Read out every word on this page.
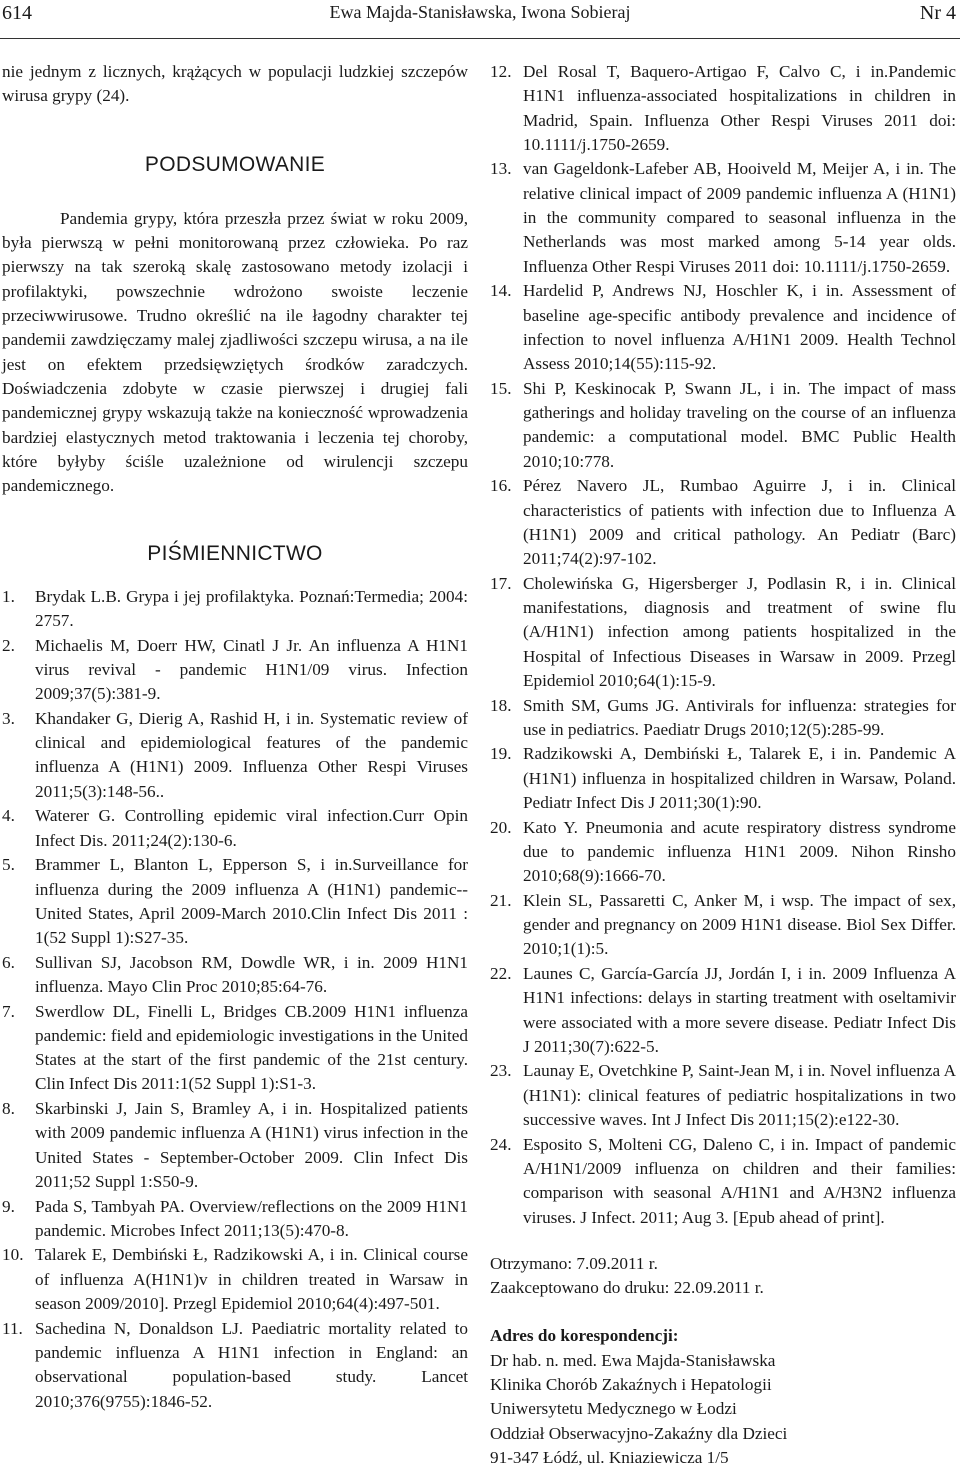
614	Ewa Majda-Stanisławska, Iwona Sobieraj	Nr 4

nie jednym z licznych, krążących w populacji ludzkiej szczepów wirusa grypy (24).

PODSUMOWANIE

Pandemia grypy, która przeszła przez świat w roku 2009, była pierwszą w pełni monitorowaną przez człowieka. Po raz pierwszy na tak szeroką skalę zastosowano metody izolacji i profilaktyki, powszechnie wdrożono swoiste leczenie przeciwwirusowe. Trudno określić na ile łagodny charakter tej pandemii zawdzięczamy malej zjadliwości szczepu wirusa, a na ile jest on efektem przedsięwziętych środków zaradczych. Doświadczenia zdobyte w czasie pierwszej i drugiej fali pandemicznej grypy wskazują także na konieczność wprowadzenia bardziej elastycznych metod traktowania i leczenia tej choroby, które byłyby ściśle uzależnione od wirulencji szczepu pandemicznego.

PIŚMIENNICTWO
1. Brydak L.B. Grypa i jej profilaktyka. Poznań:Termedia; 2004: 2757.
2. Michaelis M, Doerr HW, Cinatl J Jr. An influenza A H1N1 virus revival - pandemic H1N1/09 virus. Infection 2009;37(5):381-9.
3. Khandaker G, Dierig A, Rashid H, i in. Systematic review of clinical and epidemiological features of the pandemic influenza A (H1N1) 2009. Influenza Other Respi Viruses 2011;5(3):148-56..
4. Waterer G. Controlling epidemic viral infection.Curr Opin Infect Dis. 2011;24(2):130-6.
5. Brammer L, Blanton L, Epperson S, i in.Surveillance for influenza during the 2009 influenza A (H1N1) pandemic--United States, April 2009-March 2010.Clin Infect Dis 2011 : 1(52 Suppl 1):S27-35.
6. Sullivan SJ, Jacobson RM, Dowdle WR, i in. 2009 H1N1 influenza. Mayo Clin Proc 2010;85:64-76.
7. Swerdlow DL, Finelli L, Bridges CB.2009 H1N1 influenza pandemic: field and epidemiologic investigations in the United States at the start of the first pandemic of the 21st century. Clin Infect Dis 2011:1(52 Suppl 1):S1-3.
8. Skarbinski J, Jain S, Bramley A, i in. Hospitalized patients with 2009 pandemic influenza A (H1N1) virus infection in the United States - September-October 2009. Clin Infect Dis 2011;52 Suppl 1:S50-9.
9. Pada S, Tambyah PA. Overview/reflections on the 2009 H1N1 pandemic. Microbes Infect 2011;13(5):470-8.
10. Talarek E, Dembiński Ł, Radzikowski A, i in. Clinical course of influenza A(H1N1)v in children treated in Warsaw in season 2009/2010]. Przegl Epidemiol 2010;64(4):497-501.
11. Sachedina N, Donaldson LJ. Paediatric mortality related to pandemic influenza A H1N1 infection in England: an observational population-based study. Lancet 2010;376(9755):1846-52.
12. Del Rosal T, Baquero-Artigao F, Calvo C, i in.Pandemic H1N1 influenza-associated hospitalizations in children in Madrid, Spain. Influenza Other Respi Viruses 2011 doi: 10.1111/j.1750-2659.
13. van Gageldonk-Lafeber AB, Hooiveld M, Meijer A, i in. The relative clinical impact of 2009 pandemic influenza A (H1N1) in the community compared to seasonal influenza in the Netherlands was most marked among 5-14 year olds. Influenza Other Respi Viruses 2011 doi: 10.1111/j.1750-2659.
14. Hardelid P, Andrews NJ, Hoschler K, i in. Assessment of baseline age-specific antibody prevalence and incidence of infection to novel influenza A/H1N1 2009. Health Technol Assess 2010;14(55):115-92.
15. Shi P, Keskinocak P, Swann JL, i in. The impact of mass gatherings and holiday traveling on the course of an influenza pandemic: a computational model. BMC Public Health 2010;10:778.
16. Pérez Navero JL, Rumbao Aguirre J, i in. Clinical characteristics of patients with infection due to Influenza A (H1N1) 2009 and critical pathology. An Pediatr (Barc) 2011;74(2):97-102.
17. Cholewińska G, Higersberger J, Podlasin R, i in. Clinical manifestations, diagnosis and treatment of swine flu (A/H1N1) infection among patients hospitalized in the Hospital of Infectious Diseases in Warsaw in 2009. Przegl Epidemiol 2010;64(1):15-9.
18. Smith SM, Gums JG. Antivirals for influenza: strategies for use in pediatrics. Paediatr Drugs 2010;12(5):285-99.
19. Radzikowski A, Dembiński Ł, Talarek E, i in. Pandemic A (H1N1) influenza in hospitalized children in Warsaw, Poland. Pediatr Infect Dis J 2011;30(1):90.
20. Kato Y. Pneumonia and acute respiratory distress syndrome due to pandemic influenza H1N1 2009. Nihon Rinsho 2010;68(9):1666-70.
21. Klein SL, Passaretti C, Anker M, i wsp. The impact of sex, gender and pregnancy on 2009 H1N1 disease. Biol Sex Differ. 2010;1(1):5.
22. Launes C, García-García JJ, Jordán I, i in. 2009 Influenza A H1N1 infections: delays in starting treatment with oseltamivir were associated with a more severe disease. Pediatr Infect Dis J 2011;30(7):622-5.
23. Launay E, Ovetchkine P, Saint-Jean M, i in. Novel influenza A (H1N1): clinical features of pediatric hospitalizations in two successive waves. Int J Infect Dis 2011;15(2):e122-30.
24. Esposito S, Molteni CG, Daleno C, i in. Impact of pandemic A/H1N1/2009 influenza on children and their families: comparison with seasonal A/H1N1 and A/H3N2 influenza viruses. J Infect. 2011; Aug 3. [Epub ahead of print].
Otrzymano: 7.09.2011 r.
Zaakceptowano do druku: 22.09.2011 r.
Adres do korespondencji:
Dr hab. n. med. Ewa Majda-Stanisławska
Klinika Chorób Zakaźnych i Hepatologii
Uniwersytetu Medycznego w Łodzi
Oddział Obserwacyjno-Zakaźny dla Dzieci
91-347 Łódź, ul. Kniaziewicza 1/5
